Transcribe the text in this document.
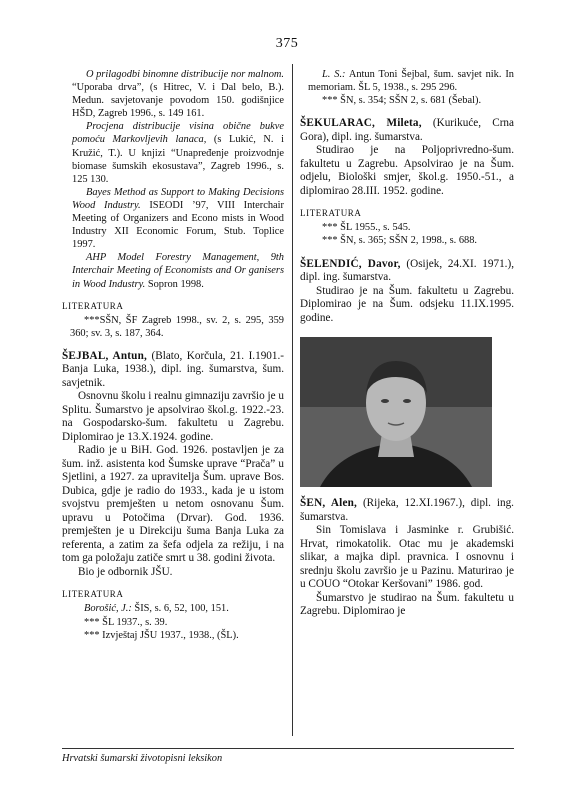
375

O prilagodbi binomne distribucije nor malnom. “Uporaba drva”, (s Hitrec, V. i Dal belo, B.). Medun. savjetovanje povodom 150. godišnjice HŠD, Zagreb 1996., s. 149 161.

Procjena distribucije visina običnе bukve pomoću Markovljevih lanaca, (s Lukić, N. i Kružić, T.). U knjizi “Unapređenje proizvodnje biomase šumskih ekosustava”, Zagreb 1996., s. 125 130.

Bayes Method as Support to Making Decisions Wood Industry. ISEODI ’97, VIII Interchair Meeting of Organizers and Econo mists in Wood Industry XII Economic Forum, Stub. Toplice 1997.

AHP Model Forestry Management, 9th Interchair Meeting of Economists and Or ganisers in Wood Industry. Sopron 1998.

LITERATURA

***SŠN, ŠF Zagreb 1998., sv. 2, s. 295, 359 360; sv. 3, s. 187, 364.

ŠEJBAL, Antun, (Blato, Korčula, 21. I.1901.- Banja Luka, 1938.), dipl. ing. šumarstva, šum. savjetnik.

Osnovnu školu i realnu gimnaziju završio je u Splitu. Šumarstvo je apsolvirao škol.g. 1922.-23. na Gospodarsko-šum. fakultetu u Zagrebu. Diplomirao je 13.X.1924. godine.

Radio je u BiH. God. 1926. postavljen je za šum. inž. asistenta kod Šumske uprave “Prača” u Sjetlini, a 1927. za upravitelja Šum. uprave Bos. Dubica, gdje je radio do 1933., kada je u istom svojstvu premješten u netom osnovanu Šum. upravu u Potočima (Drvar). God. 1936. premješten je u Direkciju šuma Banja Luka za referenta, a zatim za šefa odjela za režiju, i na tom ga položaju zatiče smrt u 38. godini života.

Bio je odbornik JŠU.

LITERATURA

Borošić, J.: ŠIS, s. 6, 52, 100, 151.

*** ŠL 1937., s. 39.

*** Izvještaj JŠU 1937., 1938., (ŠL).

L. S.: Antun Toni Šejbal, šum. savjet nik. In memoriam. ŠL 5, 1938., s. 295 296.

*** ŠN, s. 354; SŠN 2, s. 681 (Šebal).

ŠEKULARAC, Mileta, (Kurikuće, Crna Gora), dipl. ing. šumarstva.

Studirao je na Poljoprivredno-šum. fakultetu u Zagrebu. Apsolvirao je na Šum. odjelu, Biološki smjer, škol.g. 1950.-51., a diplomirao 28.III. 1952. godine.

LITERATURA

*** ŠL 1955., s. 545.

*** ŠN, s. 365; SŠN 2, 1998., s. 688.

ŠELENDIĆ, Davor, (Osijek, 24.XI. 1971.), dipl. ing. šumarstva.

Studirao je na Šum. fakultetu u Zagrebu. Diplomirao je na Šum. odsjeku 11.IX.1995. godine.

ŠEN, Alen, (Rijeka, 12.XI.1967.), dipl. ing. šumarstva.

Sin Tomislava i Jasminke r. Grubišić. Hrvat, rimokatolik. Otac mu je akademski slikar, a majka dipl. pravnica. I osnovnu i srednju školu završio je u Pazinu. Maturirao je u COUO “Otokar Keršovani” 1986. god.

Šumarstvo je studirao na Šum. fakultetu u Zagrebu. Diplomirao je

Hrvatski šumarski životopisni leksikon
